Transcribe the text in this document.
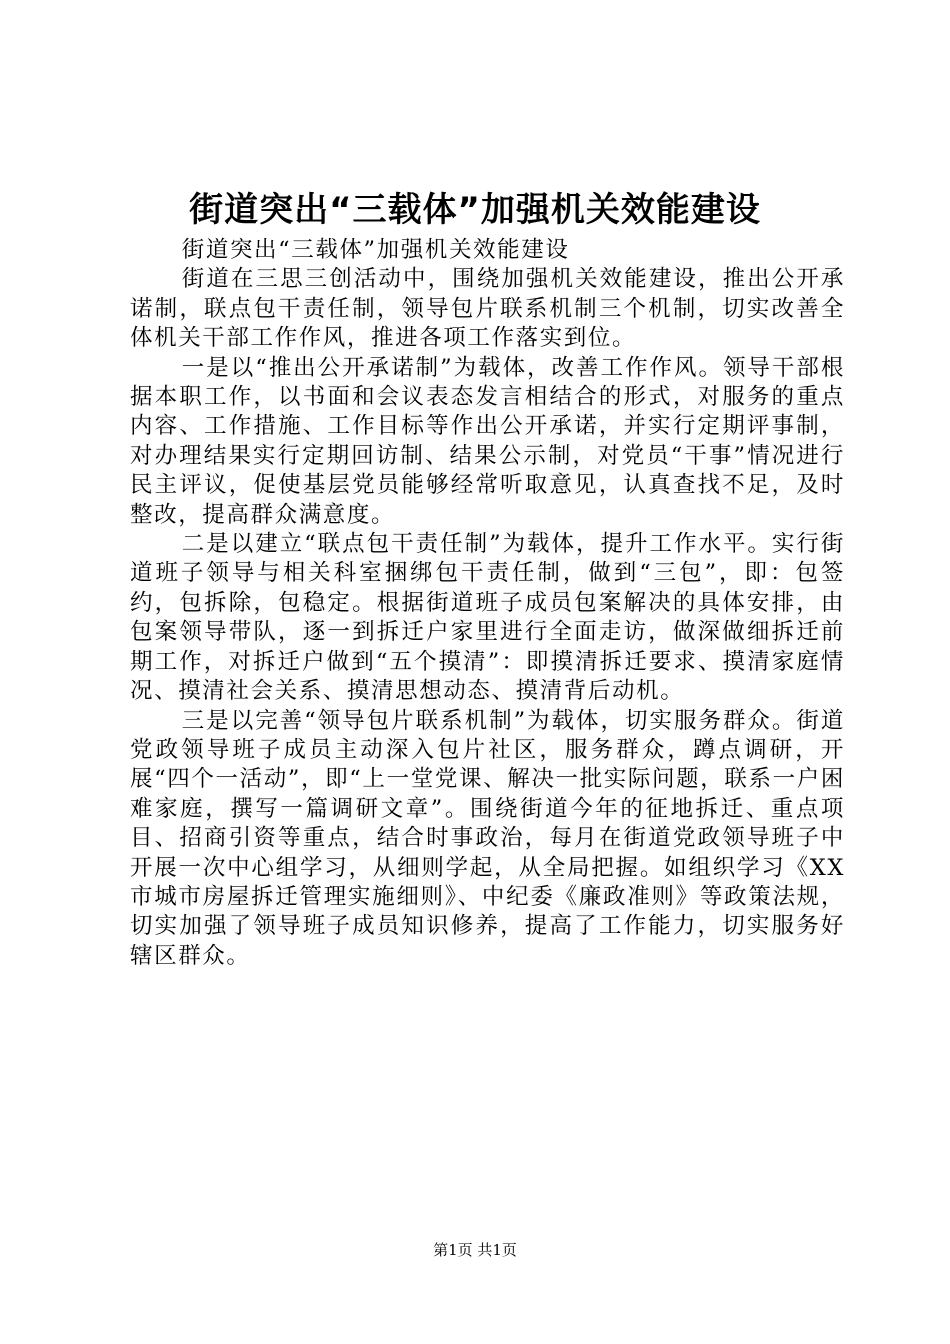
街道突出“三载体”加强机关效能建设

街道突出“三载体”加强机关效能建设

街道在三思三创活动中，围绕加强机关效能建设，推出公开承诺制，联点包干责任制，领导包片联系机制三个机制，切实改善全体机关干部工作作风，推进各项工作落实到位。

一是以“推出公开承诺制”为载体，改善工作作风。领导干部根据本职工作，以书面和会议表态发言相结合的形式，对服务的重点内容、工作措施、工作目标等作出公开承诺，并实行定期评事制，对办理结果实行定期回访制、结果公示制，对党员“干事”情况进行民主评议，促使基层党员能够经常听取意见，认真查找不足，及时整改，提高群众满意度。

二是以建立“联点包干责任制”为载体，提升工作水平。实行街道班子领导与相关科室捆绑包干责任制，做到“三包”，即：包签约，包拆除，包稳定。根据街道班子成员包案解决的具体安排，由包案领导带队，逐一到拆迁户家里进行全面走访，做深做细拆迁前期工作，对拆迁户做到“五个摸清”：即摸清拆迁要求、摸清家庭情况、摸清社会关系、摸清思想动态、摸清背后动机。

三是以完善“领导包片联系机制”为载体，切实服务群众。街道党政领导班子成员主动深入包片社区，服务群众，蹲点调研，开展“四个一活动”，即“上一堂党课、解决一批实际问题，联系一户困难家庭，撰写一篇调研文章”。围绕街道今年的征地拆迁、重点项目、招商引资等重点，结合时事政治，每月在街道党政领导班子中开展一次中心组学习，从细则学起，从全局把握。如组织学习《XX市城市房屋拆迁管理实施细则》、中纪委《廉政准则》等政策法规，切实加强了领导班子成员知识修养，提高了工作能力，切实服务好辖区群众。

第1页 共1页
